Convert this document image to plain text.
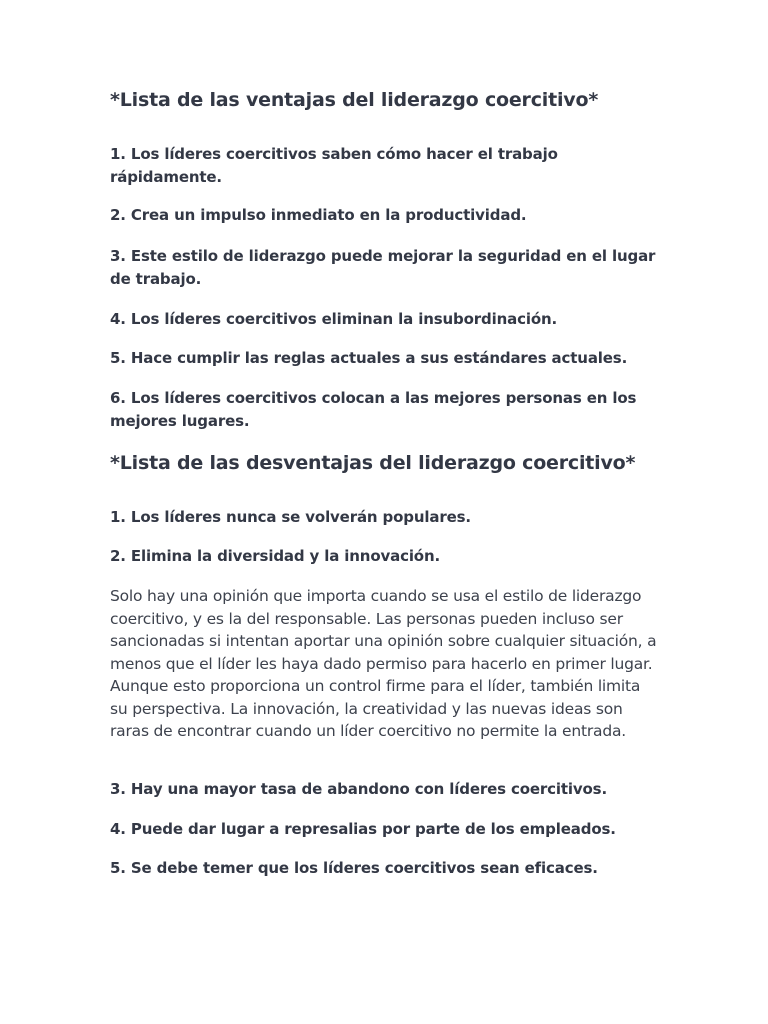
*Lista de las ventajas del liderazgo coercitivo*

1. Los líderes coercitivos saben cómo hacer el trabajo rápidamente.

2. Crea un impulso inmediato en la productividad.

3. Este estilo de liderazgo puede mejorar la seguridad en el lugar de trabajo.

4. Los líderes coercitivos eliminan la insubordinación.

5. Hace cumplir las reglas actuales a sus estándares actuales.

6. Los líderes coercitivos colocan a las mejores personas en los mejores lugares.

*Lista de las desventajas del liderazgo coercitivo*

1. Los líderes nunca se volverán populares.

2. Elimina la diversidad y la innovación.

Solo hay una opinión que importa cuando se usa el estilo de liderazgo coercitivo, y es la del responsable. Las personas pueden incluso ser sancionadas si intentan aportar una opinión sobre cualquier situación, a menos que el líder les haya dado permiso para hacerlo en primer lugar. Aunque esto proporciona un control firme para el líder, también limita su perspectiva. La innovación, la creatividad y las nuevas ideas son raras de encontrar cuando un líder coercitivo no permite la entrada.

3. Hay una mayor tasa de abandono con líderes coercitivos.

4. Puede dar lugar a represalias por parte de los empleados.

5. Se debe temer que los líderes coercitivos sean eficaces.
